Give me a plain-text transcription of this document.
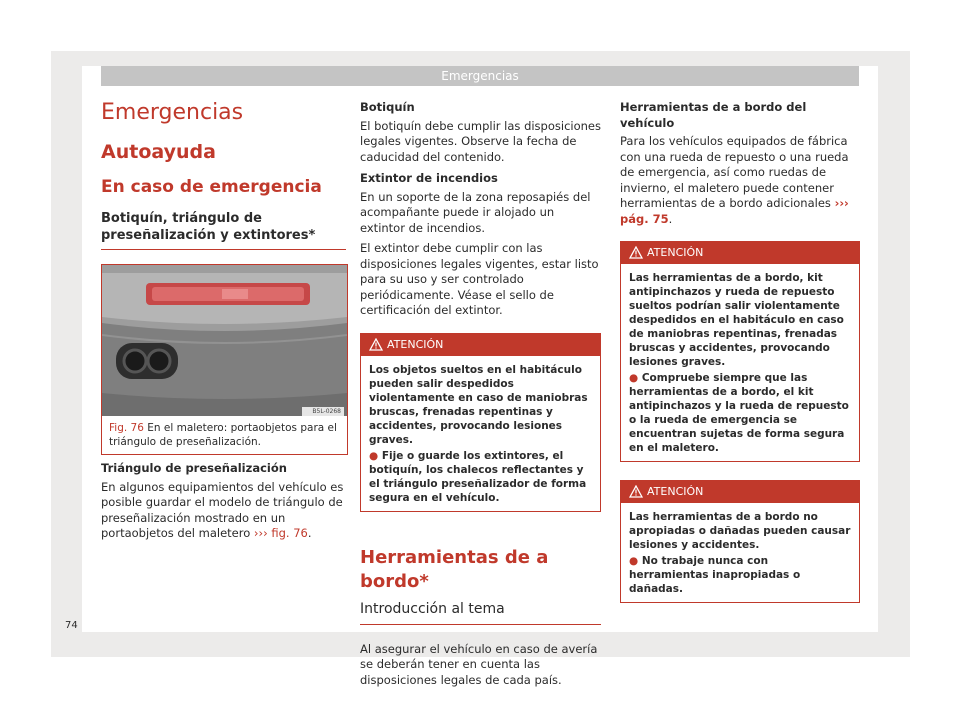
Emergencias
Emergencias
Autoayuda
En caso de emergencia
Botiquín, triángulo de preseñalización y extintores*
B5L-0268
Fig. 76 En el maletero: portaobjetos para el triángulo de preseñalización.

Triángulo de preseñalización

En algunos equipamientos del vehículo es posible guardar el modelo de triángulo de preseñalización mostrado en un portaobjetos del maletero ››› fig. 76.

Botiquín

El botiquín debe cumplir las disposiciones legales vigentes. Observe la fecha de caducidad del contenido.

Extintor de incendios

En un soporte de la zona reposapiés del acompañante puede ir alojado un extintor de incendios.

El extintor debe cumplir con las disposiciones legales vigentes, estar listo para su uso y ser controlado periódicamente. Véase el sello de certificación del extintor.

ATENCIÓN
Los objetos sueltos en el habitáculo pueden salir despedidos violentamente en caso de maniobras bruscas, frenadas repentinas y accidentes, provocando lesiones graves.
● Fije o guarde los extintores, el botiquín, los chalecos reflectantes y el triángulo preseñalizador de forma segura en el vehículo.
Herramientas de a bordo*
Introducción al tema

Al asegurar el vehículo en caso de avería se deberán tener en cuenta las disposiciones legales de cada país.

Herramientas de a bordo del vehículo

Para los vehículos equipados de fábrica con una rueda de repuesto o una rueda de emergencia, así como ruedas de invierno, el maletero puede contener herramientas de a bordo adicionales ››› pág. 75.

ATENCIÓN
Las herramientas de a bordo, kit antipinchazos y rueda de repuesto sueltos podrían salir violentamente despedidos en el habitáculo en caso de maniobras repentinas, frenadas bruscas y accidentes, provocando lesiones graves.
● Compruebe siempre que las herramientas de a bordo, el kit antipinchazos y la rueda de repuesto o la rueda de emergencia se encuentran sujetas de forma segura en el maletero.
ATENCIÓN
Las herramientas de a bordo no apropiadas o dañadas pueden causar lesiones y accidentes.
● No trabaje nunca con herramientas inapropiadas o dañadas.
74
